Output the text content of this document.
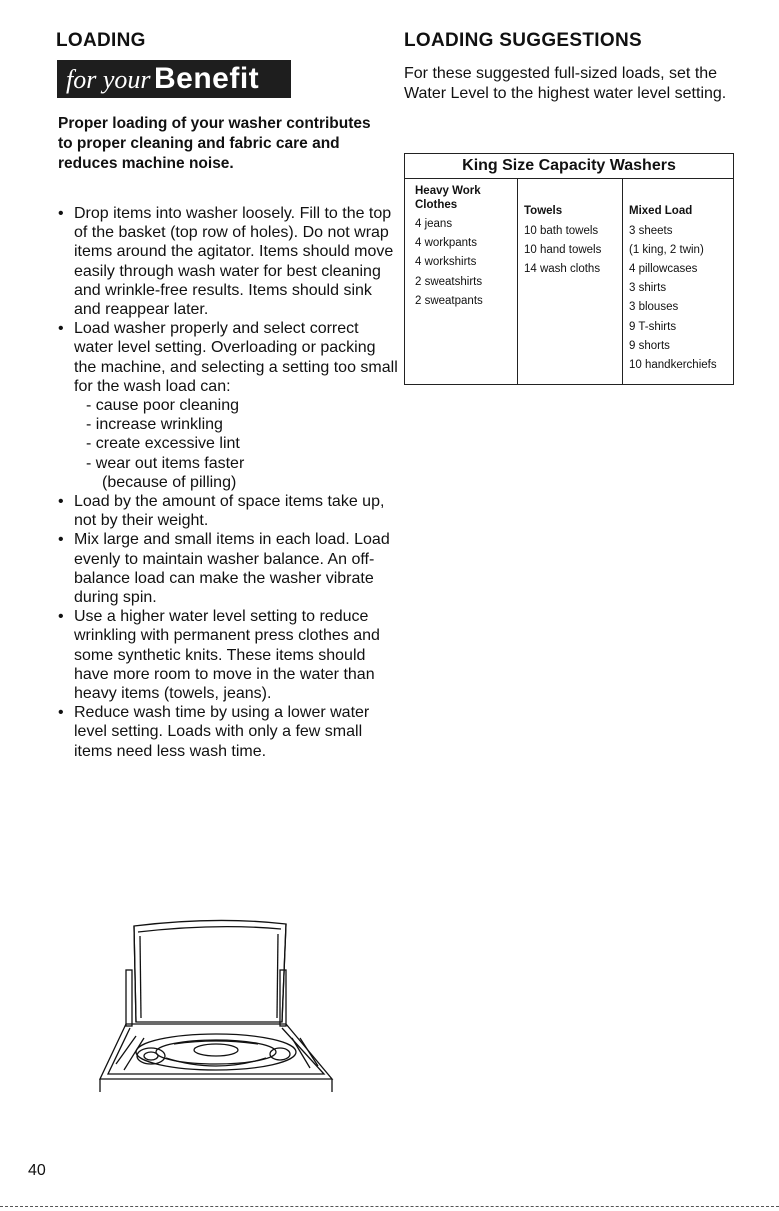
LOADING
for your Benefit
Proper loading of your washer contributes to proper cleaning and fabric care and reduces machine noise.
• Drop items into washer loosely. Fill to the top of the basket (top row of holes). Do not wrap items around the agitator. Items should move easily through wash water for best cleaning and wrinkle-free results. Items should sink and reappear later.
• Load washer properly and select correct water level setting. Overloading or packing the machine, and selecting a setting too small for the wash load can:
- cause poor cleaning
- increase wrinkling
- create excessive lint
- wear out items faster
(because of pilling)
• Load by the amount of space items take up, not by their weight.
• Mix large and small items in each load. Load evenly to maintain washer balance. An off-balance load can make the washer vibrate during spin.
• Use a higher water level setting to reduce wrinkling with permanent press clothes and some synthetic knits. These items should have more room to move in the water than heavy items (towels, jeans).
• Reduce wash time by using a lower water level setting. Loads with only a few small items need less wash time.
LOADING SUGGESTIONS
For these suggested full-sized loads, set the Water Level to the highest water level setting.
King Size Capacity Washers
Heavy Work
Clothes
4 jeans
4 workpants
4 workshirts
2 sweatshirts
2 sweatpants
Towels
10 bath towels
10 hand towels
14 wash cloths
Mixed Load
3 sheets
(1 king, 2 twin)
4 pillowcases
3 shirts
3 blouses
9 T-shirts
9 shorts
10 handkerchiefs
40
